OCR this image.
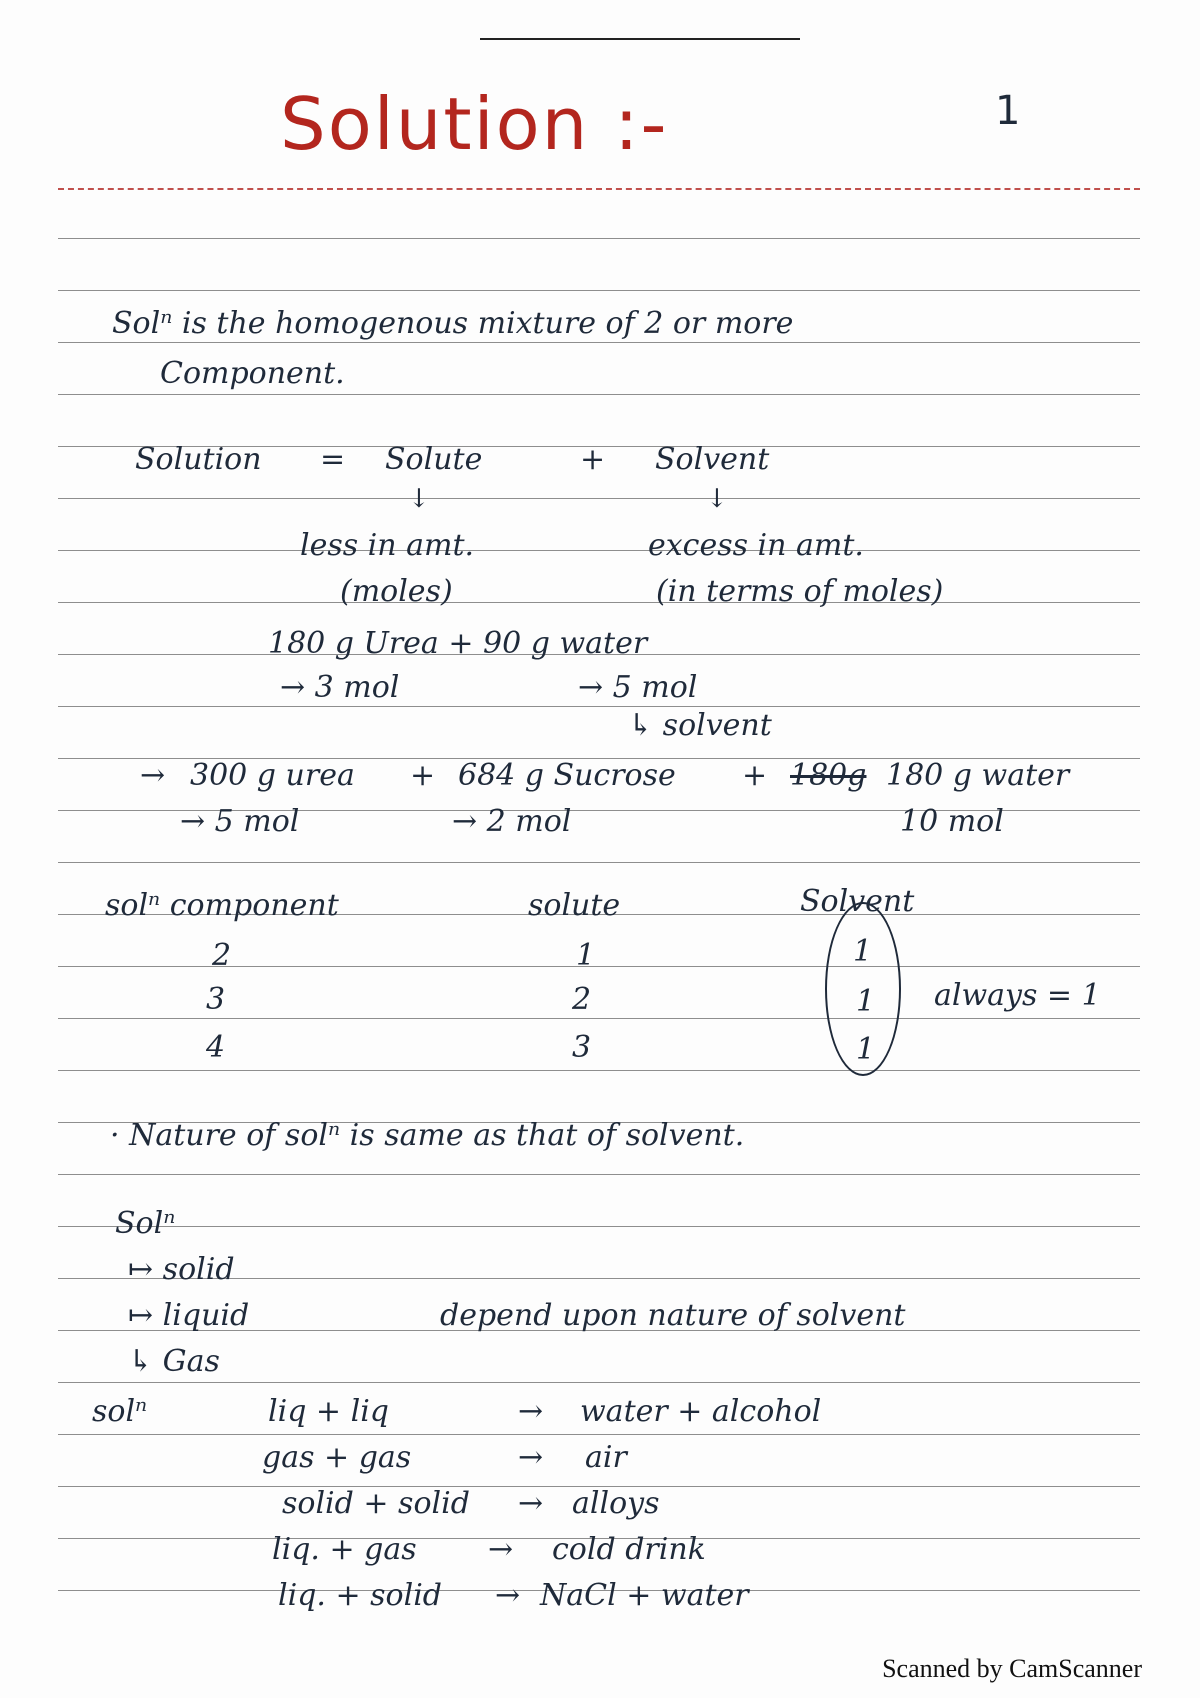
Solution :-	1
Solⁿ is the homogenous mixture of 2 or more
Component.
Solution = Solute	+ Solvent
↓	↓
less in amt.
(moles)
excess in amt.
(in terms of moles)
180 g Urea + 90 g water
→ 3 mol	→ 5 mol
↳ solvent
→ 300 g urea + 684 g Sucrose + 180g 180 g water
→ 5 mol	→ 2 mol	10 mol
solⁿ component	solute	Solvent
2	1	1
3	2	1
4	3	1
always = 1
· Nature of solⁿ is same as that of solvent.
Solⁿ
↦ solid
↦ liquid
↳ Gas
depend upon nature of solvent
solⁿ	liq + liq	→ water + alcohol
gas + gas	→ air
solid + solid → alloys
liq. + gas → cold drink
liq. + solid → NaCl + water
Scanned by CamScanner
